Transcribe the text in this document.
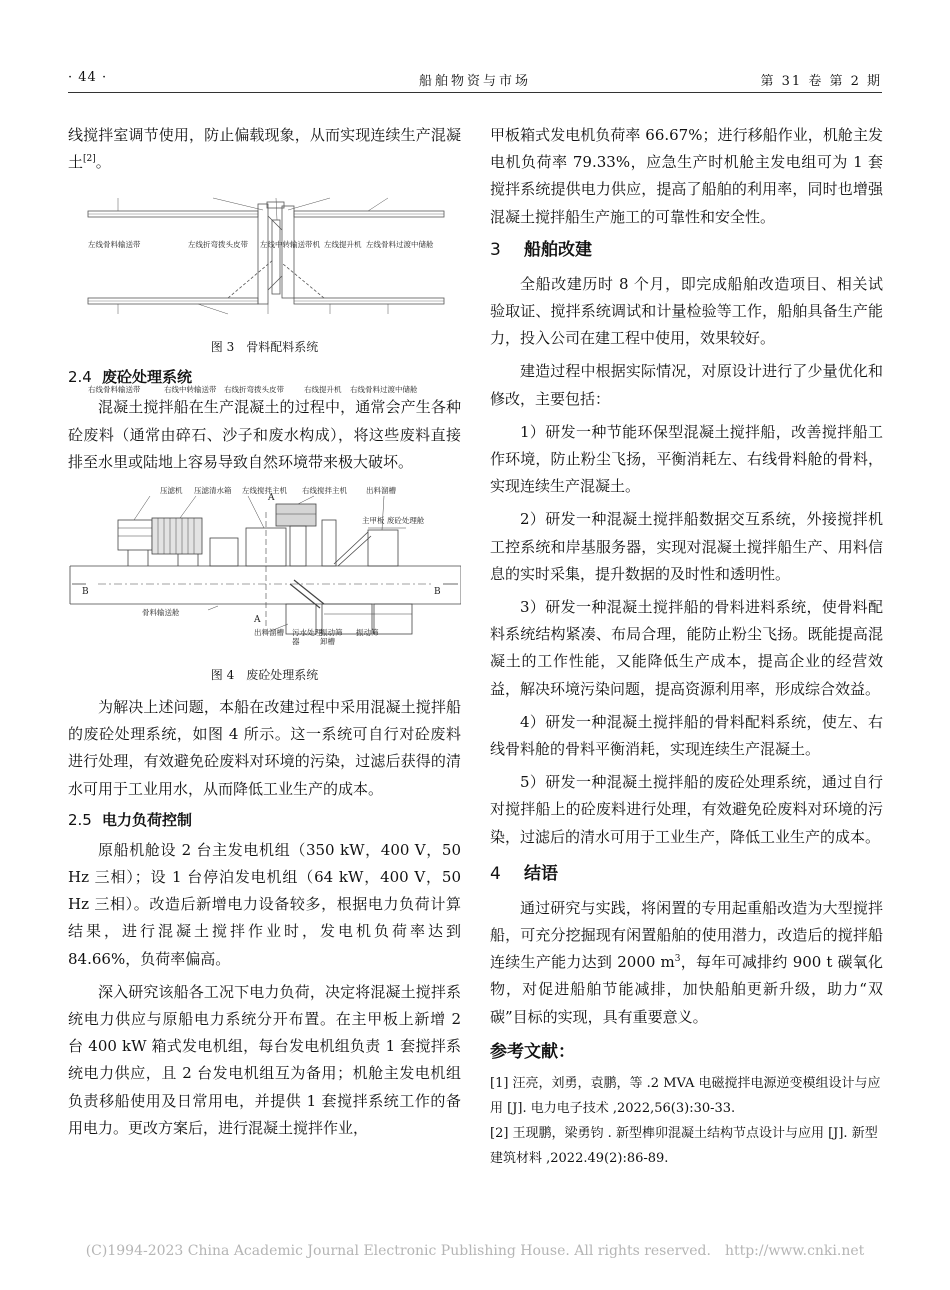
· 44 ·	船舶物资与市场	第 31 卷 第 2 期

线搅拌室调节使用，防止偏载现象，从而实现连续生产混凝土[2]。

左线骨料输送带	左线折弯拨头皮带 左线中转输送带机 左线提升机 左线骨料过渡中储舱
右线骨料输送带	右线中转输送带 右线折弯拨头皮带	右线提升机 右线骨料过渡中储舱
图 3　骨料配料系统
2.4 废砼处理系统

混凝土搅拌船在生产混凝土的过程中，通常会产生各种砼废料（通常由碎石、沙子和废水构成），将这些废料直接排至水里或陆地上容易导致自然环境带来极大破坏。

压滤机 压滤清水箱 左线搅拌主机 右线搅拌主机	出料溜槽
A
主甲板 废砼处理舱
B	B
骨料输送舱
A
出料溜槽 污水处理器
振动筛卸槽
振动筛
图 4　废砼处理系统

为解决上述问题，本船在改建过程中采用混凝土搅拌船的废砼处理系统，如图 4 所示。这一系统可自行对砼废料进行处理，有效避免砼废料对环境的污染，过滤后获得的清水可用于工业用水，从而降低工业生产的成本。

2.5 电力负荷控制

原船机舱设 2 台主发电机组（350 kW，400 V，50 Hz 三相）；设 1 台停泊发电机组（64 kW，400 V，50 Hz 三相）。改造后新增电力设备较多，根据电力负荷计算结果，进行混凝土搅拌作业时，发电机负荷率达到 84.66%，负荷率偏高。

深入研究该船各工况下电力负荷，决定将混凝土搅拌系统电力供应与原船电力系统分开布置。在主甲板上新增 2 台 400 kW 箱式发电机组，每台发电机组负责 1 套搅拌系统电力供应，且 2 台发电机组互为备用；机舱主发电机组负责移船使用及日常用电，并提供 1 套搅拌系统工作的备用电力。更改方案后，进行混凝土搅拌作业，

甲板箱式发电机负荷率 66.67%；进行移船作业，机舱主发电机负荷率 79.33%，应急生产时机舱主发电组可为 1 套搅拌系统提供电力供应，提高了船舶的利用率，同时也增强混凝土搅拌船生产施工的可靠性和安全性。

3 船舶改建

全船改建历时 8 个月，即完成船舶改造项目、相关试验取证、搅拌系统调试和计量检验等工作，船舶具备生产能力，投入公司在建工程中使用，效果较好。

建造过程中根据实际情况，对原设计进行了少量优化和修改，主要包括：

1）研发一种节能环保型混凝土搅拌船，改善搅拌船工作环境，防止粉尘飞扬，平衡消耗左、右线骨料舱的骨料，实现连续生产混凝土。

2）研发一种混凝土搅拌船数据交互系统，外接搅拌机工控系统和岸基服务器，实现对混凝土搅拌船生产、用料信息的实时采集，提升数据的及时性和透明性。

3）研发一种混凝土搅拌船的骨料进料系统，使骨料配料系统结构紧凑、布局合理，能防止粉尘飞扬。既能提高混凝土的工作性能，又能降低生产成本，提高企业的经营效益，解决环境污染问题，提高资源利用率，形成综合效益。

4）研发一种混凝土搅拌船的骨料配料系统，使左、右线骨料舱的骨料平衡消耗，实现连续生产混凝土。

5）研发一种混凝土搅拌船的废砼处理系统，通过自行对搅拌船上的砼废料进行处理，有效避免砼废料对环境的污染，过滤后的清水可用于工业生产，降低工业生产的成本。

4 结语

通过研究与实践，将闲置的专用起重船改造为大型搅拌船，可充分挖掘现有闲置船舶的使用潜力，改造后的搅拌船连续生产能力达到 2000 $m^3$，每年可减排约 900 t 碳氧化物，对促进船舶节能减排，加快船舶更新升级，助力“双碳”目标的实现，具有重要意义。

参考文献：

[1] 汪亮，刘勇，袁鹏，等 .2 MVA 电磁搅拌电源逆变模组设计与应用 [J]. 电力电子技术 ,2022,56(3):30-33.

[2] 王现鹏，梁勇钧 . 新型榫卯混凝土结构节点设计与应用 [J]. 新型建筑材料 ,2022.49(2):86-89.

(C)1994-2023 China Academic Journal Electronic Publishing House. All rights reserved.　http://www.cnki.net
